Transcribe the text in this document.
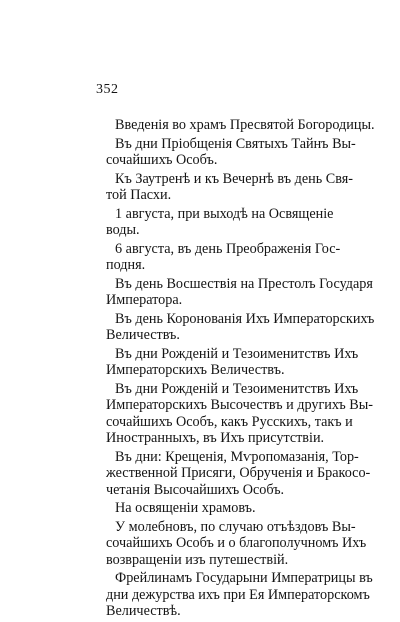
352
Введенія во храмъ Пресвятой Богородицы.
Въ дни Пріобщенія Святыхъ Тайнъ Вы-
сочайшихъ Особъ.
Къ Заутренѣ и къ Вечернѣ въ день Свя-
той Пасхи.
1 августа, при выходѣ на Освященіе
воды.
6 августа, въ день Преображенія Гос-
подня.
Въ день Восшествія на Престолъ Государя
Императора.
Въ день Коронованія Ихъ Императорскихъ
Величествъ.
Въ дни Рожденій и Тезоименитствъ Ихъ
Императорскихъ Величествъ.
Въ дни Рожденій и Тезоименитствъ Ихъ
Императорскихъ Высочествъ и другихъ Вы-
сочайшихъ Особъ, какъ Русскихъ, такъ и
Иностранныхъ, въ Ихъ присутствіи.
Въ дни: Крещенія, Мѵропомазанія, Тор-
жественной Присяги, Обрученія и Бракосо-
четанія Высочайшихъ Особъ.
На освященіи храмовъ.
У молебновъ, по случаю отъѣздовъ Вы-
сочайшихъ Особъ и о благополучномъ Ихъ
возвращеніи изъ путешествій.
Фрейлинамъ Государыни Императрицы въ
дни дежурства ихъ при Ея Императорскомъ
Величествѣ.
